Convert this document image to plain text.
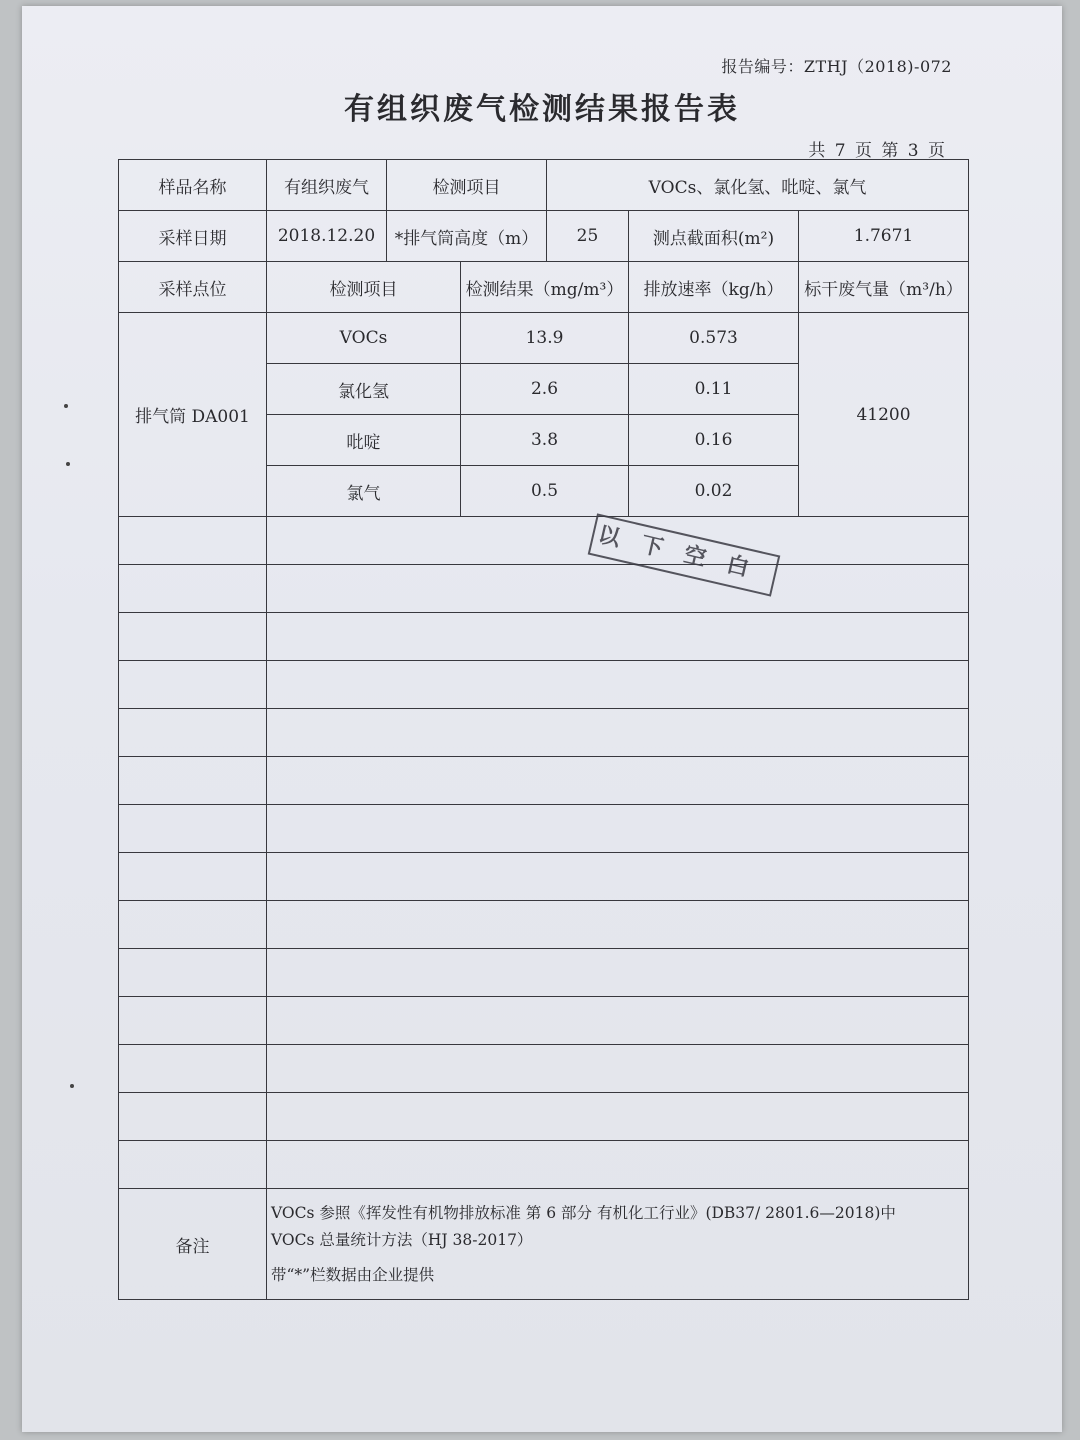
报告编号：ZTHJ（2018)-072
有组织废气检测结果报告表
共 7 页 第 3 页
样品名称	有组织废气	检测项目		VOCs、氯化氢、吡啶、氯气		
采样日期	2018.12.20	*排气筒高度（m）		25	测点截面积(m²)	1.7671
采样点位	检测项目		检测结果（mg/m³）		排放速率（kg/h）	标干废气量（m³/h）
排气筒 DA001	VOCs		13.9		0.573	41200
	氯化氢		2.6		0.11	
	吡啶		3.8		0.16	
	氯气		0.5		0.02	

备注	VOCs 参照《挥发性有机物排放标准 第 6 部分 有机化工行业》(DB37/ 2801.6—2018)中
VOCs 总量统计方法（HJ 38-2017）
带“*”栏数据由企业提供					
以下空白
